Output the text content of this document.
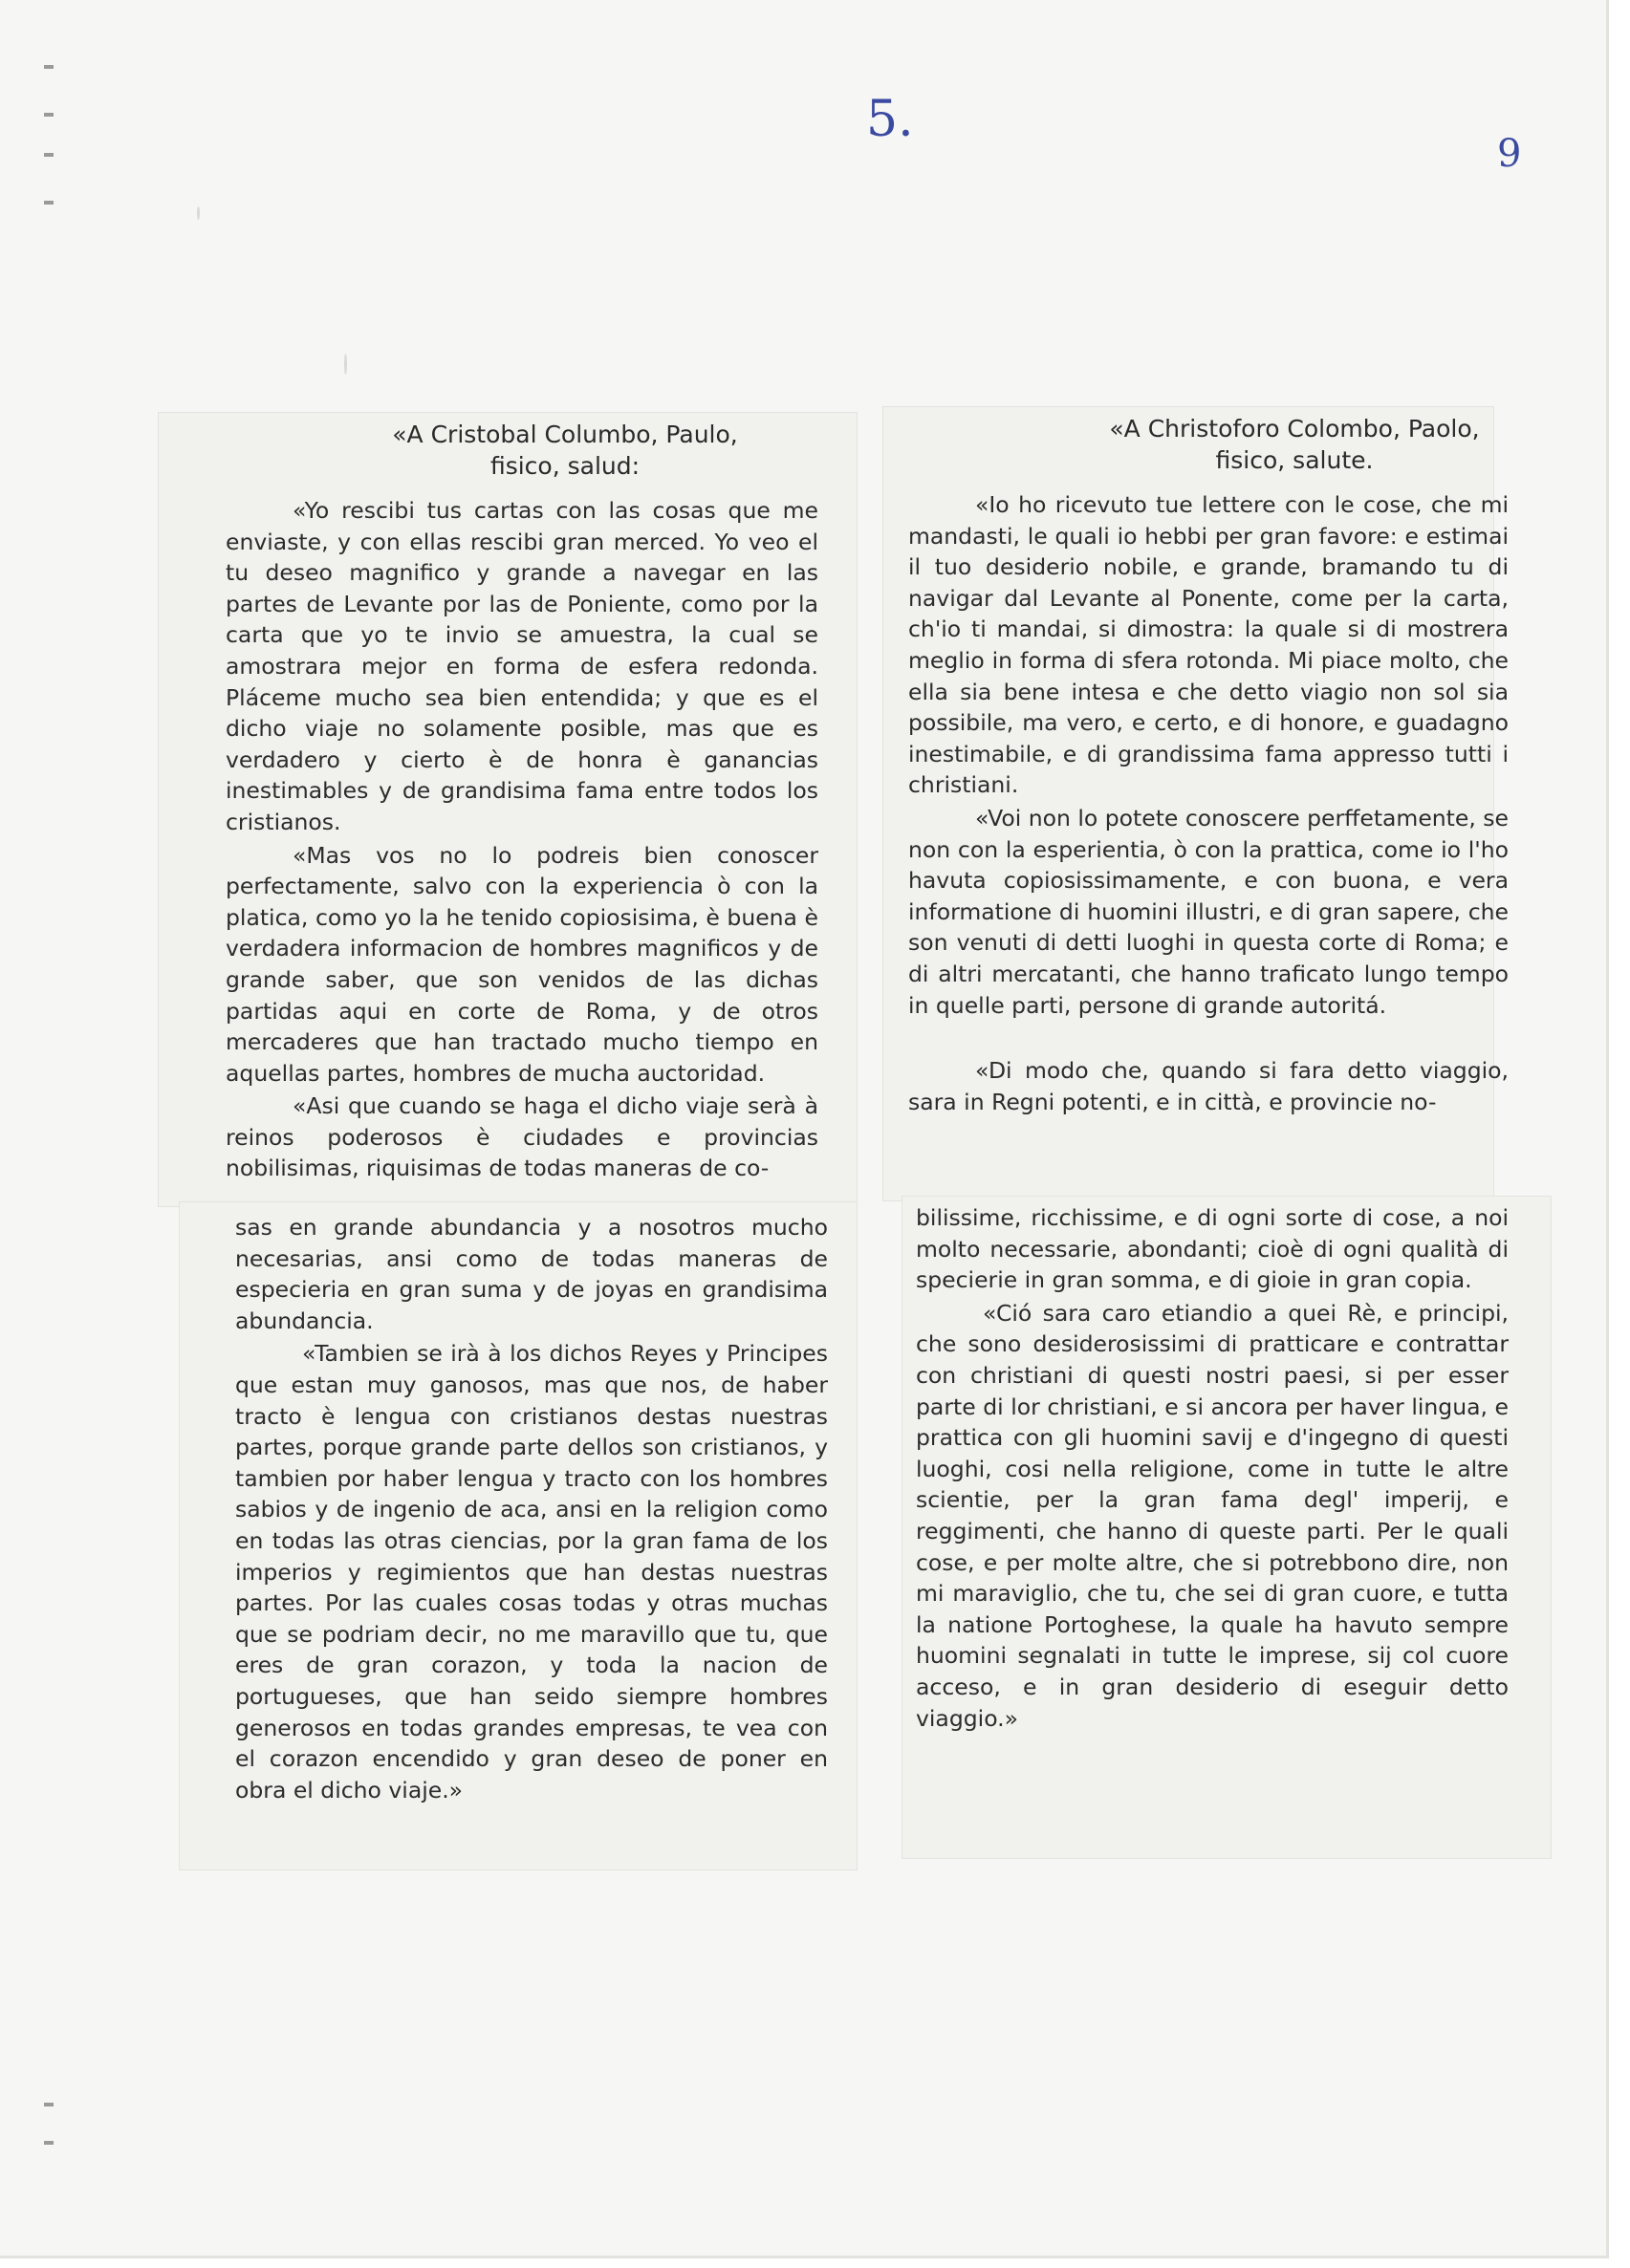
5.
9
«A Cristobal Columbo, Paulo,
fisico, salud:

«Yo rescibi tus cartas con las cosas que me enviaste, y con ellas rescibi gran merced. Yo veo el tu deseo magnifico y grande a navegar en las partes de Levante por las de Poniente, como por la carta que yo te invio se amuestra, la cual se amostrara mejor en forma de esfera redonda. Pláceme mucho sea bien entendida; y que es el dicho viaje no solamente posible, mas que es verdadero y cierto è de honra è ganancias inestimables y de grandisima fama entre todos los cristianos.

«Mas vos no lo podreis bien conoscer perfectamente, salvo con la experiencia ò con la platica, como yo la he tenido copiosisima, è buena è verdadera informacion de hombres magnificos y de grande saber, que son venidos de las dichas partidas aqui en corte de Roma, y de otros mercaderes que han tractado mucho tiempo en aquellas partes, hombres de mucha auctoridad.

«Asi que cuando se haga el dicho viaje serà à reinos poderosos è ciudades e provincias nobilisimas, riquisimas de todas maneras de co-

sas en grande abundancia y a nosotros mucho necesarias, ansi como de todas maneras de especieria en gran suma y de joyas en grandisima abundancia.

«Tambien se irà à los dichos Reyes y Principes que estan muy ganosos, mas que nos, de haber tracto è lengua con cristianos destas nuestras partes, porque grande parte dellos son cristianos, y tambien por haber lengua y tracto con los hombres sabios y de ingenio de aca, ansi en la religion como en todas las otras ciencias, por la gran fama de los imperios y regimientos que han destas nuestras partes. Por las cuales cosas todas y otras muchas que se podriam decir, no me maravillo que tu, que eres de gran corazon, y toda la nacion de portugueses, que han seido siempre hombres generosos en todas grandes empresas, te vea con el corazon encendido y gran deseo de poner en obra el dicho viaje.»

«A Christoforo Colombo, Paolo,
fisico, salute.

«Io ho ricevuto tue lettere con le cose, che mi mandasti, le quali io hebbi per gran favore: e estimai il tuo desiderio nobile, e grande, bramando tu di navigar dal Levante al Ponente, come per la carta, ch'io ti mandai, si dimostra: la quale si di mostrera meglio in forma di sfera rotonda. Mi piace molto, che ella sia bene intesa e che detto viagio non sol sia possibile, ma vero, e certo, e di honore, e guadagno inestimabile, e di grandissima fama appresso tutti i christiani.

«Voi non lo potete conoscere perffetamente, se non con la esperientia, ò con la prattica, come io l'ho havuta copiosissimamente, e con buona, e vera informatione di huomini illustri, e di gran sapere, che son venuti di detti luoghi in questa corte di Roma; e di altri mercatanti, che hanno traficato lungo tempo in quelle parti, persone di grande autoritá.

«Di modo che, quando si fara detto viaggio, sara in Regni potenti, e in città, e provincie no-

bilissime, ricchissime, e di ogni sorte di cose, a noi molto necessarie, abondanti; cioè di ogni qualità di specierie in gran somma, e di gioie in gran copia.

«Ció sara caro etiandio a quei Rè, e principi, che sono desiderosissimi di pratticare e contrattar con christiani di questi nostri paesi, si per esser parte di lor christiani, e si ancora per haver lingua, e prattica con gli huomini savij e d'ingegno di questi luoghi, cosi nella religione, come in tutte le altre scientie, per la gran fama degl' imperij, e reggimenti, che hanno di queste parti. Per le quali cose, e per molte altre, che si potrebbono dire, non mi maraviglio, che tu, che sei di gran cuore, e tutta la natione Portoghese, la quale ha havuto sempre huomini segnalati in tutte le imprese, sij col cuore acceso, e in gran desiderio di eseguir detto viaggio.»
